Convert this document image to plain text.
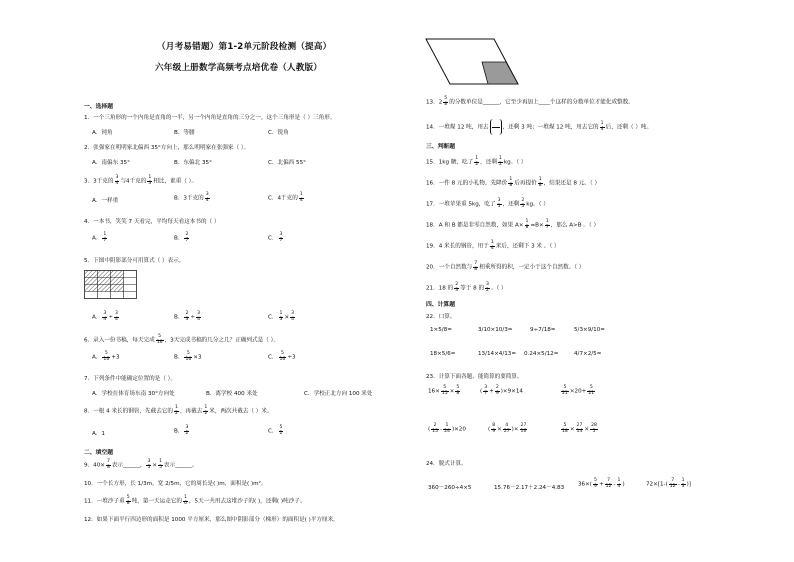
（月考易错题）第1-2单元阶段检测（提高）
六年级上册数学高频考点培优卷（人教版）
一、选择题
1．一个三角形的一个内角是直角的一半，另一个内角是直角的三分之一，这个三角形是（ ）三角形。
A．钝角	B．等腰	C．锐角
2．张强家在明明家北偏西 35°方向上，那么明明家在张强家（ ）。
A．南偏东 35°	B．东偏北 35°	C．北偏西 55°
3．3千克的 $\frac{3}{4}$ 与4千克的 $\frac{1}{3}$ 相比，谁重（ ）。
A．一样重	B．3千克的 $\frac{3}{4}$	C．4千克的 $\frac{1}{4}$
4．一本书，笑笑 7 天看完，平均每天看这本书的（ ）
A． $\frac{1}{7}$	B． $\frac{2}{7}$	C． $\frac{3}{7}$
5．下图中阴影部分可用算式（ ）表示。
A． $\frac{3}{4} \div \frac{3}{4}$	B． $\frac{2}{3} \div \frac{3}{4}$	C． $\frac{1}{3} \times \frac{3}{4}$
6．录入一份书稿，每天完成 $\frac{5}{16}$ ，3天完成书稿的几分之几？正确列式是（ ）。
A． $\frac{5}{16} +3$	B． $\frac{5}{16} \times 3$	C． $\frac{5}{16} \div 3$
7．下列条件中能确定位置的是（ ）。
A．学校在体育场东南 30°方向处	B．离学校 400 米处	C．学校正北方向 100 米处
8．一根 4 米长的钢管，先截去它的 $\frac{1}{2}$ ，再截去 $\frac{1}{2}$ 米，两次共截去（ ）米。
A．1	B． $\frac{3}{2}$	C． $\frac{5}{2}$
二、填空题
9．$40\times \frac{7}{8}$ 表示______， $\frac{3}{5} \times \frac{1}{5}$ 表示______。
10．一个长方形，长 1/3m，宽 2/5m，它的周长是( )m，面积是( )m²。
11．一堆沙子重 $\frac{5}{8}$ 吨，第一天运走它的 $\frac{1}{6}$ ，5天一共用去这堆沙子的( )，还剩( )吨沙子。
12．如果下面平行四边形的面积是 1000 平方厘米，那么图中阴影部分（梯形）的面积是( )平方厘米。
13．$2 \frac{5}{8}$ 的分数单位是______，它至少再加上____个这样的分数单位才能化成整数。
14．一堆煤 12 吨，用去	，还剩 3 吨；一堆煤 12 吨，用去它的 $\frac{1}{4}$ 后，还剩（ ）吨。
三、判断题
15．1kg 糖，吃了 $\frac{1}{2}$ ，还剩 $\frac{1}{2}$ kg。（ ）
16．一件 8 元的小礼物，先降价 $\frac{1}{8}$ 后再提价 $\frac{1}{8}$ ，结果还是 8 元。（ ）
17．一堆苹果重 5kg，吃了 $\frac{3}{5}$ ，还剩 $\frac{2}{5}$ kg。（ ）
18．A 和 B 都是非零自然数，如果 $A\times \frac{1}{8} =B\times \frac{1}{7}$ ，那么 A>B 。（ ）
19．4 米长的钢管，用于 $\frac{1}{4}$ 米后，还剩下 3 米 。（ ）
20．一个自然数与 $\frac{7}{8}$ 相乘所得的积，一定小于这个自然数。（ ）
21．18 的 $\frac{2}{3}$ 等于 8 的 $\frac{3}{2}$ 。（ ）
四、计算题
22．口算。
1×5/8=	3/10×10/3=	9÷7/18=	5/3×9/10=
18×5/6=	13/14×4/13= 0.24×5/12=	4/7×2/5=
23．计算下面各题，能简算的要简算。
$16\times \frac{5}{15} \times \frac{5}{8}$	( $\frac{3}{7} + \frac{2}{9} )\times 9\times 14$	$\frac{5}{21} \times 20+ \frac{5}{21}$
( $\frac{2}{15} - \frac{1}{24} )\times 20$	( $\frac{8}{9} \times \frac{4}{27}$ )× $\frac{27}{16}$	$\frac{5}{18} \times \frac{27}{14} \times \frac{28}{5}$
24．脱式计算。
360－260÷4×5	15.76－2.17＋2.24－4.83
$36\times( \frac{5}{9} + \frac{7}{12} - \frac{1}{4}$ )	$72\times[1-( \frac{7}{12} - \frac{1}{3}$ )]
